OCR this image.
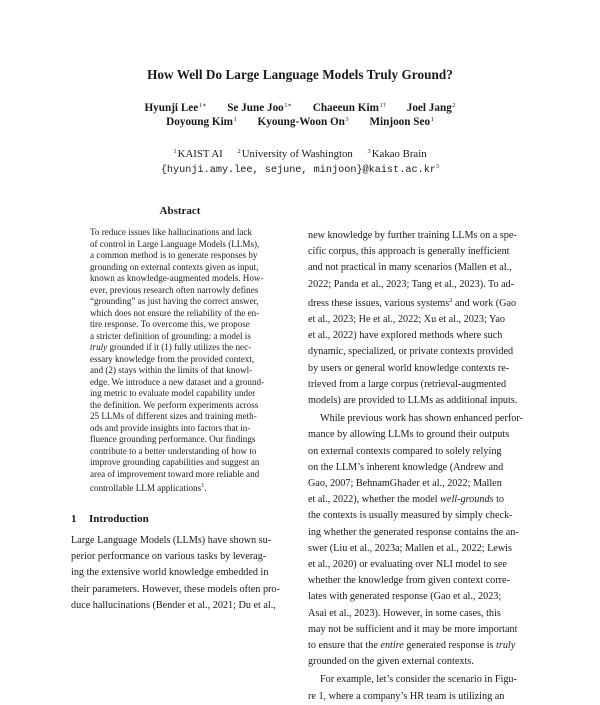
How Well Do Large Language Models Truly Ground?
Hyunji Lee$^{1∗}$ Se June Joo$^{1∗}$ Chaeeun Kim$^{1\dagger}$ Joel Jang$^2$
Doyoung Kim$^1$ Kyoung-Woon On$^3$ Minjoon Seo$^1$
$^1$KAIST AI $^2$University of Washington $^3$Kakao Brain
{hyunji.amy.lee, sejune, $minjoon\}@kaist.ac.kr^3$
Abstract
To reduce issues like hallucinations and lack
of control in Large Language Models (LLMs),
a common method is to generate responses by
grounding on external contexts given as input,
known as knowledge-augmented models. How-
ever, previous research often narrowly defines
“grounding” as just having the correct answer,
which does not ensure the reliability of the en-
tire response. To overcome this, we propose
a stricter definition of grounding: a model is
truly grounded if it (1) fully utilizes the nec-
essary knowledge from the provided context,
and (2) stays within the limits of that knowl-
edge. We introduce a new dataset and a ground-
ing metric to evaluate model capability under
the definition. We perform experiments across
25 LLMs of different sizes and training meth-
ods and provide insights into factors that in-
fluence grounding performance. Our findings
contribute to a better understanding of how to
improve grounding capabilities and suggest an
area of improvement toward more reliable and
controllable LLM applications$^1$.
1 Introduction
Large Language Models (LLMs) have shown su-
perior performance on various tasks by leverag-
ing the extensive world knowledge embedded in
their parameters. However, these models often pro-
duce hallucinations (Bender et al., 2021; Du et al.,
new knowledge by further training LLMs on a spe-
cific corpus, this approach is generally inefficient
and not practical in many scenarios (Mallen et al.,
2022; Panda et al., 2023; Tang et al., 2023). To ad-
dress these issues, various systems$^2$ and work (Gao
et al., 2023; He et al., 2022; Xu et al., 2023; Yao
et al., 2022) have explored methods where such
dynamic, specialized, or private contexts provided
by users or general world knowledge contexts re-
trieved from a large corpus (retrieval-augmented
models) are provided to LLMs as additional inputs.
While previous work has shown enhanced perfor-
mance by allowing LLMs to ground their outputs
on external contexts compared to solely relying
on the LLM’s inherent knowledge (Andrew and
Gao, 2007; BehnamGhader et al., 2022; Mallen
et al., 2022), whether the model well-grounds to
the contexts is usually measured by simply check-
ing whether the generated response contains the an-
swer (Liu et al., 2023a; Mallen et al., 2022; Lewis
et al., 2020) or evaluating over NLI model to see
whether the knowledge from given context corre-
lates with generated response (Gao et al., 2023;
Asai et al., 2023). However, in some cases, this
may not be sufficient and it may be more important
to ensure that the entire generated response is truly
grounded on the given external contexts.
For example, let’s consider the scenario in Figu-
re 1, where a company’s HR team is utilizing an
